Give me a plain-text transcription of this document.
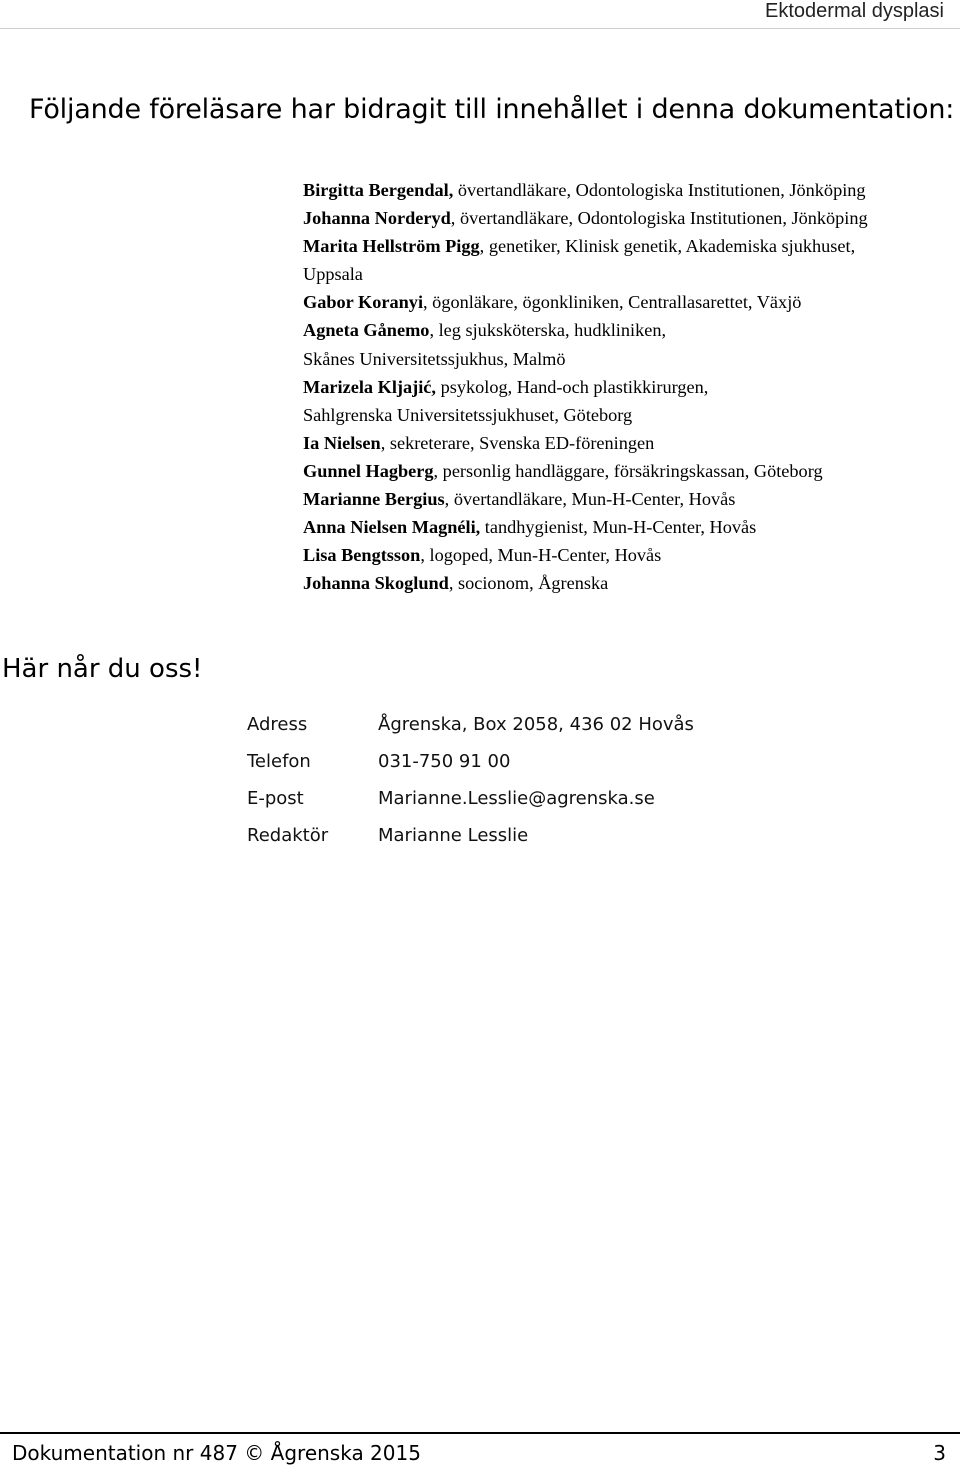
Ektodermal dysplasi
Följande föreläsare har bidragit till innehållet i denna dokumentation:
Birgitta Bergendal, övertandläkare, Odontologiska Institutionen, Jönköping
Johanna Norderyd, övertandläkare, Odontologiska Institutionen, Jönköping
Marita Hellström Pigg, genetiker, Klinisk genetik, Akademiska sjukhuset,
Uppsala
Gabor Koranyi, ögonläkare, ögonkliniken, Centrallasarettet, Växjö
Agneta Gånemo, leg sjuksköterska, hudkliniken,
Skånes Universitetssjukhus, Malmö
Marizela Kljajić, psykolog, Hand-och plastikkirurgen,
Sahlgrenska Universitetssjukhuset, Göteborg
Ia Nielsen, sekreterare, Svenska ED-föreningen
Gunnel Hagberg, personlig handläggare, försäkringskassan, Göteborg
Marianne Bergius, övertandläkare, Mun-H-Center, Hovås
Anna Nielsen Magnéli, tandhygienist, Mun-H-Center, Hovås
Lisa Bengtsson, logoped, Mun-H-Center, Hovås
Johanna Skoglund, socionom, Ågrenska
Här når du oss!
Adress	Ågrenska, Box 2058, 436 02 Hovås
Telefon	031-750 91 00
E-post	Marianne.Lesslie@agrenska.se
Redaktör	Marianne Lesslie
Dokumentation nr 487 © Ågrenska 2015	3
